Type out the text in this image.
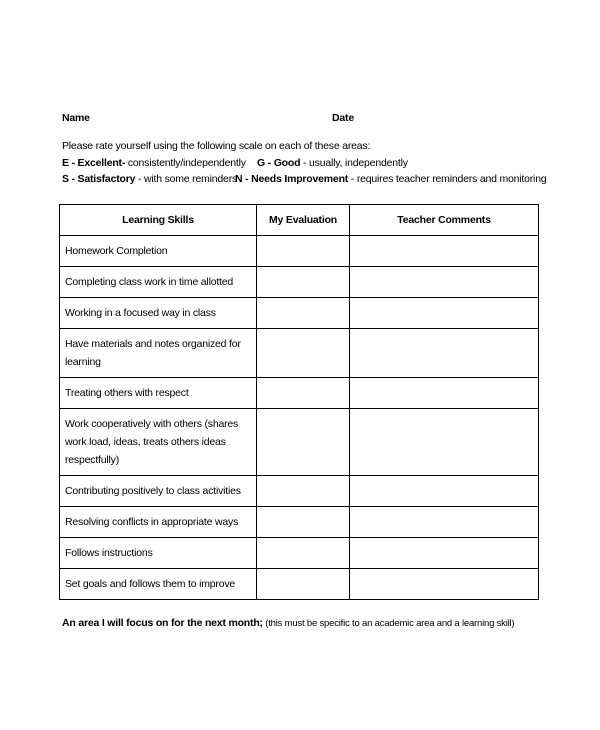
Name	Date
Please rate yourself using the following scale on each of these areas:
E - Excellent- consistently/independently G - Good - usually, independently
S - Satisfactory - with some reminders
N - Needs Improvement - requires teacher reminders and monitoring
Learning Skills	My Evaluation	Teacher Comments
Homework Completion		
Completing class work in time allotted		
Working in a focused way in class		
Have materials and notes organized for learning		
Treating others with respect		
Work cooperatively with others (shares work load, ideas, treats others ideas respectfully)		
Contributing positively to class activities		
Resolving conflicts in appropriate ways		
Follows instructions		
Set goals and follows them to improve		
An area I will focus on for the next month; (this must be specific to an academic area and a learning skill)
